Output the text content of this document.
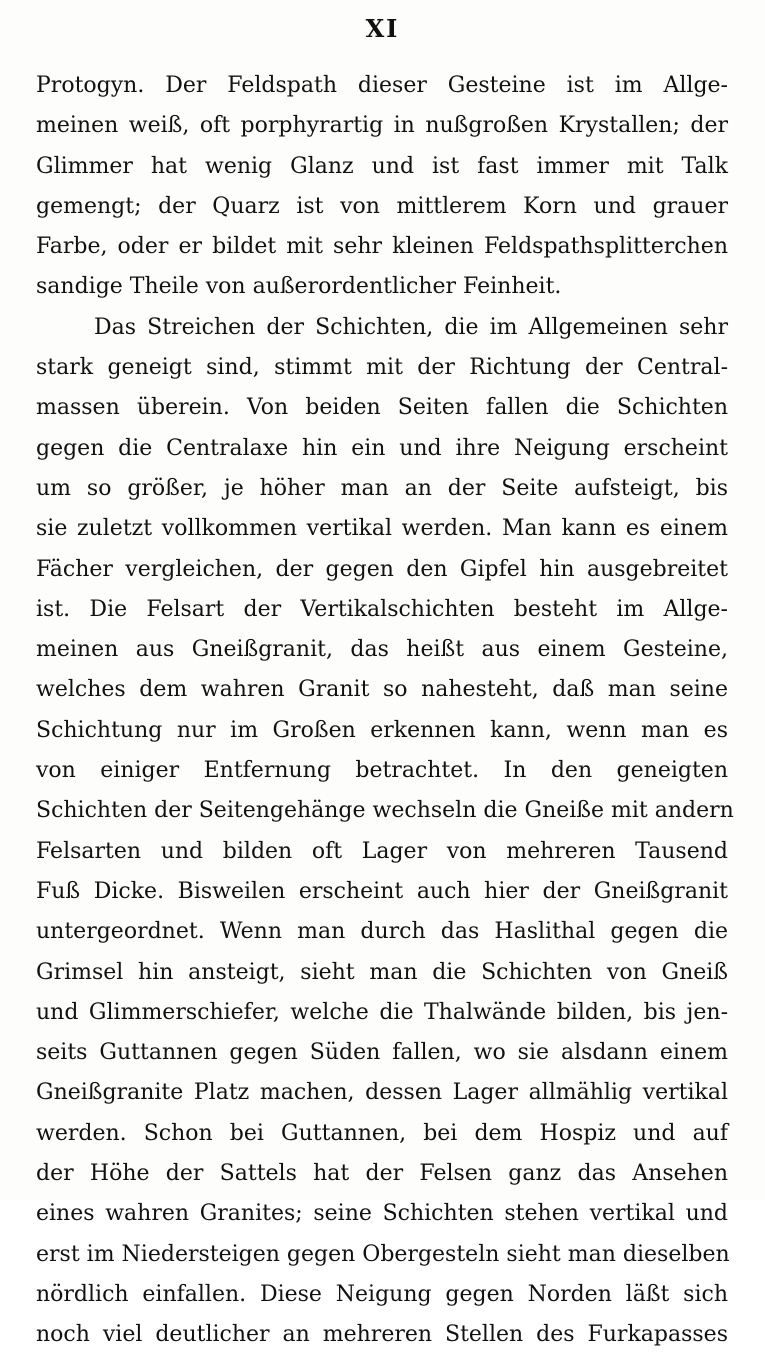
XI
Protogyn. Der Feldspath dieser Gesteine ist im Allge-
meinen weiß, oft porphyrartig in nußgroßen Krystallen; der
Glimmer hat wenig Glanz und ist fast immer mit Talk
gemengt; der Quarz ist von mittlerem Korn und grauer
Farbe, oder er bildet mit sehr kleinen Feldspathsplitterchen
sandige Theile von außerordentlicher Feinheit.
Das Streichen der Schichten, die im Allgemeinen sehr
stark geneigt sind, stimmt mit der Richtung der Central-
massen überein. Von beiden Seiten fallen die Schichten
gegen die Centralaxe hin ein und ihre Neigung erscheint
um so größer, je höher man an der Seite aufsteigt, bis
sie zuletzt vollkommen vertikal werden. Man kann es einem
Fächer vergleichen, der gegen den Gipfel hin ausgebreitet
ist. Die Felsart der Vertikalschichten besteht im Allge-
meinen aus Gneißgranit, das heißt aus einem Gesteine,
welches dem wahren Granit so nahesteht, daß man seine
Schichtung nur im Großen erkennen kann, wenn man es
von einiger Entfernung betrachtet. In den geneigten
Schichten der Seitengehänge wechseln die Gneiße mit andern
Felsarten und bilden oft Lager von mehreren Tausend
Fuß Dicke. Bisweilen erscheint auch hier der Gneißgranit
untergeordnet. Wenn man durch das Haslithal gegen die
Grimsel hin ansteigt, sieht man die Schichten von Gneiß
und Glimmerschiefer, welche die Thalwände bilden, bis jen-
seits Guttannen gegen Süden fallen, wo sie alsdann einem
Gneißgranite Platz machen, dessen Lager allmählig vertikal
werden. Schon bei Guttannen, bei dem Hospiz und auf
der Höhe der Sattels hat der Felsen ganz das Ansehen
eines wahren Granites; seine Schichten stehen vertikal und
erst im Niedersteigen gegen Obergesteln sieht man dieselben
nördlich einfallen. Diese Neigung gegen Norden läßt sich
noch viel deutlicher an mehreren Stellen des Furkapasses
